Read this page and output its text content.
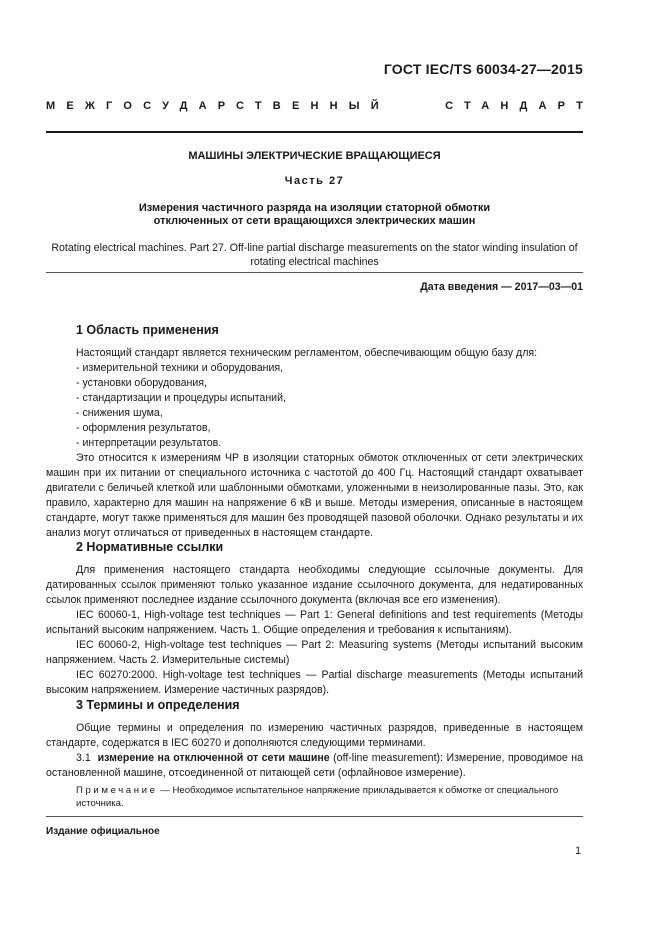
ГОСТ IEC/TS 60034-27—2015
МЕЖГОСУДАРСТВЕННЫЙ	СТАНДАРТ
МАШИНЫ ЭЛЕКТРИЧЕСКИЕ ВРАЩАЮЩИЕСЯ
Часть 27
Измерения частичного разряда на изоляции статорной обмотки
отключенных от сети вращающихся электрических машин
Rotating electrical machines. Part 27. Off-line partial discharge measurements on the stator winding insulation of rotating electrical machines
Дата введения — 2017—03—01
1 Область применения

Настоящий стандарт является техническим регламентом, обеспечивающим общую базу для:

- измерительной техники и оборудования,

- установки оборудования,

- стандартизации и процедуры испытаний,

- снижения шума,

- оформления результатов,

- интерпретации результатов.

Это относится к измерениям ЧР в изоляции статорных обмоток отключенных от сети электрических машин при их питании от специального источника с частотой до 400 Гц. Настоящий стандарт охватывает двигатели с беличьей клеткой или шаблонными обмотками, уложенными в неизолированные пазы. Это, как правило, характерно для машин на напряжение 6 кВ и выше. Методы измерения, описанные в настоящем стандарте, могут также применяться для машин без проводящей пазовой оболочки. Однако результаты и их анализ могут отличаться от приведенных в настоящем стандарте.

2 Нормативные ссылки

Для применения настоящего стандарта необходимы следующие ссылочные документы. Для датированных ссылок применяют только указанное издание ссылочного документа, для недатированных ссылок применяют последнее издание ссылочного документа (включая все его изменения).

IEC 60060-1, High-voltage test techniques — Part 1: General definitions and test requirements (Методы испытаний высоким напряжением. Часть 1. Общие определения и требования к испытаниям).

IEC 60060-2, High-voltage test techniques — Part 2: Measuring systems (Методы испытаний высоким напряжением. Часть 2. Измерительные системы)

IEC 60270:2000. High-voltage test techniques — Partial discharge measurements (Методы испытаний высоким напряжением. Измерение частичных разрядов).

3 Термины и определения

Общие термины и определения по измерению частичных разрядов, приведенные в настоящем стандарте, содержатся в IEC 60270 и дополняются следующими терминами.

3.1 измерение на отключенной от сети машине (off-line measurement): Измерение, проводимое на остановленной машине, отсоединенной от питающей сети (офлайновое измерение).

Примечание — Необходимое испытательное напряжение прикладывается к обмотке от специального источника.
Издание официальное
1
